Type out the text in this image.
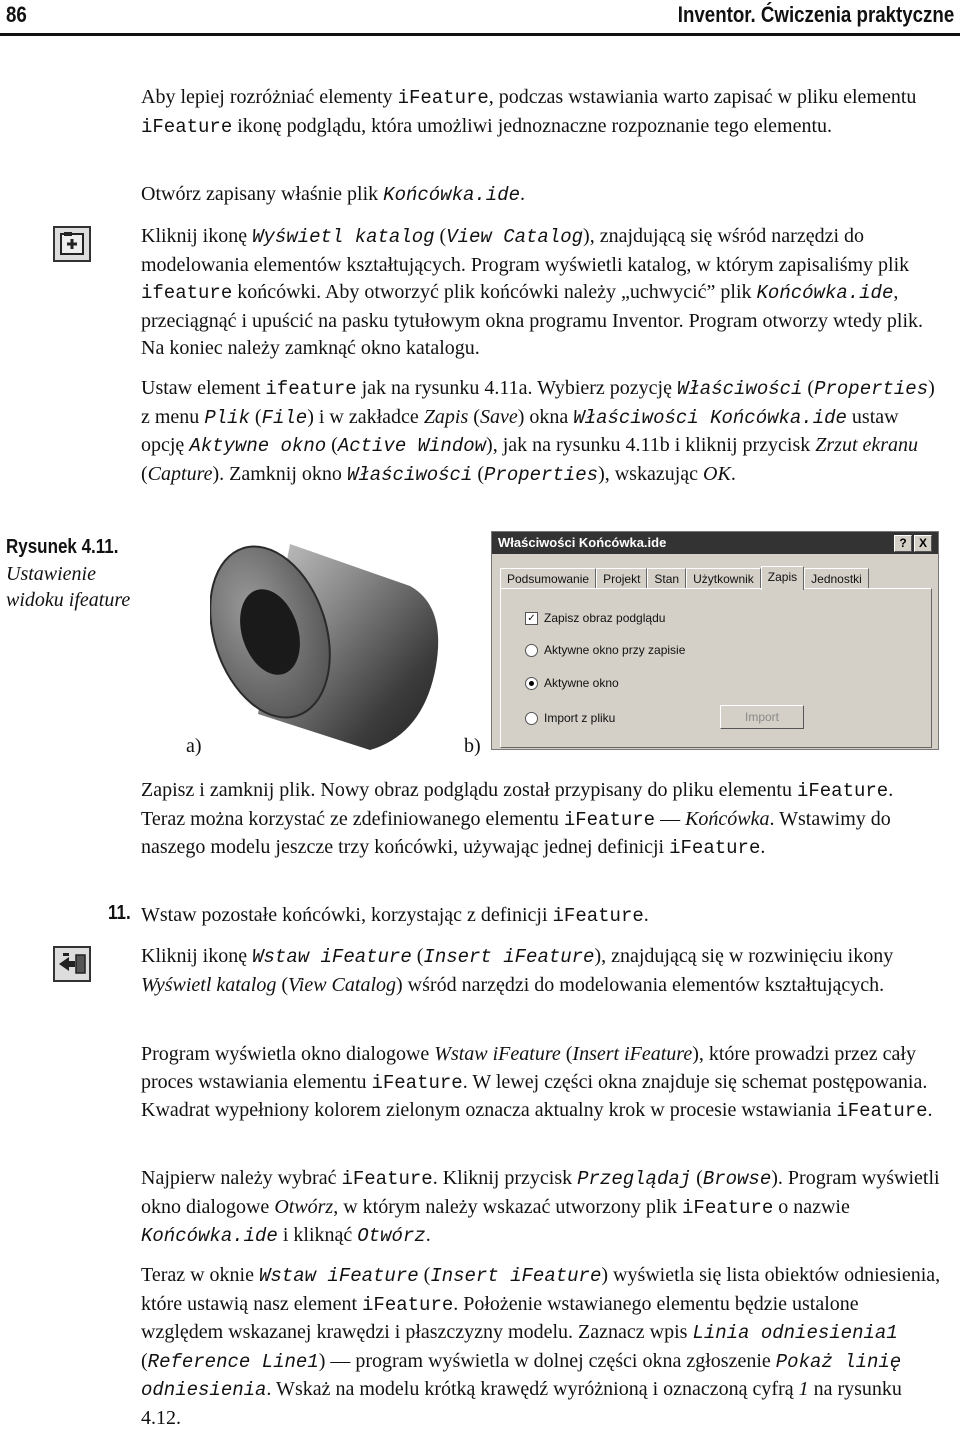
86	Inventor. Ćwiczenia praktyczne

Aby lepiej rozróżniać elementy iFeature, podczas wstawiania warto zapisać w pliku elementu iFeature ikonę podglądu, która umożliwi jednoznaczne rozpoznanie tego elementu.

Otwórz zapisany właśnie plik Końcówka.ide.

Kliknij ikonę Wyświetl katalog (View Catalog), znajdującą się wśród narzędzi do modelowania elementów kształtujących. Program wyświetli katalog, w którym zapisaliśmy plik ifeature końcówki. Aby otworzyć plik końcówki należy „uchwycić” plik Końcówka.ide, przeciągnąć i upuścić na pasku tytułowym okna programu Inventor. Program otworzy wtedy plik. Na koniec należy zamknąć okno katalogu.

Ustaw element ifeature jak na rysunku 4.11a. Wybierz pozycję Właściwości (Properties) z menu Plik (File) i w zakładce Zapis (Save) okna Właściwości Końcówka.ide ustaw opcję Aktywne okno (Active Window), jak na rysunku 4.11b i kliknij przycisk Zrzut ekranu (Capture). Zamknij okno Właściwości (Properties), wskazując OK.

Rysunek 4.11.
Ustawienie widoku ifeature
a)	b)
Właściwości Końcówka.ide	?	X
Podsumowanie	Projekt	Stan	Użytkownik	Zapis	Jednostki
✓ Zapisz obraz podglądu
Aktywne okno przy zapisie
Aktywne okno
Import z pliku	Import

Zapisz i zamknij plik. Nowy obraz podglądu został przypisany do pliku elementu iFeature. Teraz można korzystać ze zdefiniowanego elementu iFeature — Końcówka. Wstawimy do naszego modelu jeszcze trzy końcówki, używając jednej definicji iFeature.

11. Wstaw pozostałe końcówki, korzystając z definicji iFeature.

Kliknij ikonę Wstaw iFeature (Insert iFeature), znajdującą się w rozwinięciu ikony Wyświetl katalog (View Catalog) wśród narzędzi do modelowania elementów kształtujących.

Program wyświetla okno dialogowe Wstaw iFeature (Insert iFeature), które prowadzi przez cały proces wstawiania elementu iFeature. W lewej części okna znajduje się schemat postępowania. Kwadrat wypełniony kolorem zielonym oznacza aktualny krok w procesie wstawiania iFeature.

Najpierw należy wybrać iFeature. Kliknij przycisk Przeglądaj (Browse). Program wyświetli okno dialogowe Otwórz, w którym należy wskazać utworzony plik iFeature o nazwie Końcówka.ide i kliknąć Otwórz.

Teraz w oknie Wstaw iFeature (Insert iFeature) wyświetla się lista obiektów odniesienia, które ustawią nasz element iFeature. Położenie wstawianego elementu będzie ustalone względem wskazanej krawędzi i płaszczyzny modelu. Zaznacz wpis Linia odniesienia1 (Reference Line1) — program wyświetla w dolnej części okna zgłoszenie Pokaż linię odniesienia. Wskaż na modelu krótką krawędź wyróżnioną i oznaczoną cyfrą 1 na rysunku 4.12.
